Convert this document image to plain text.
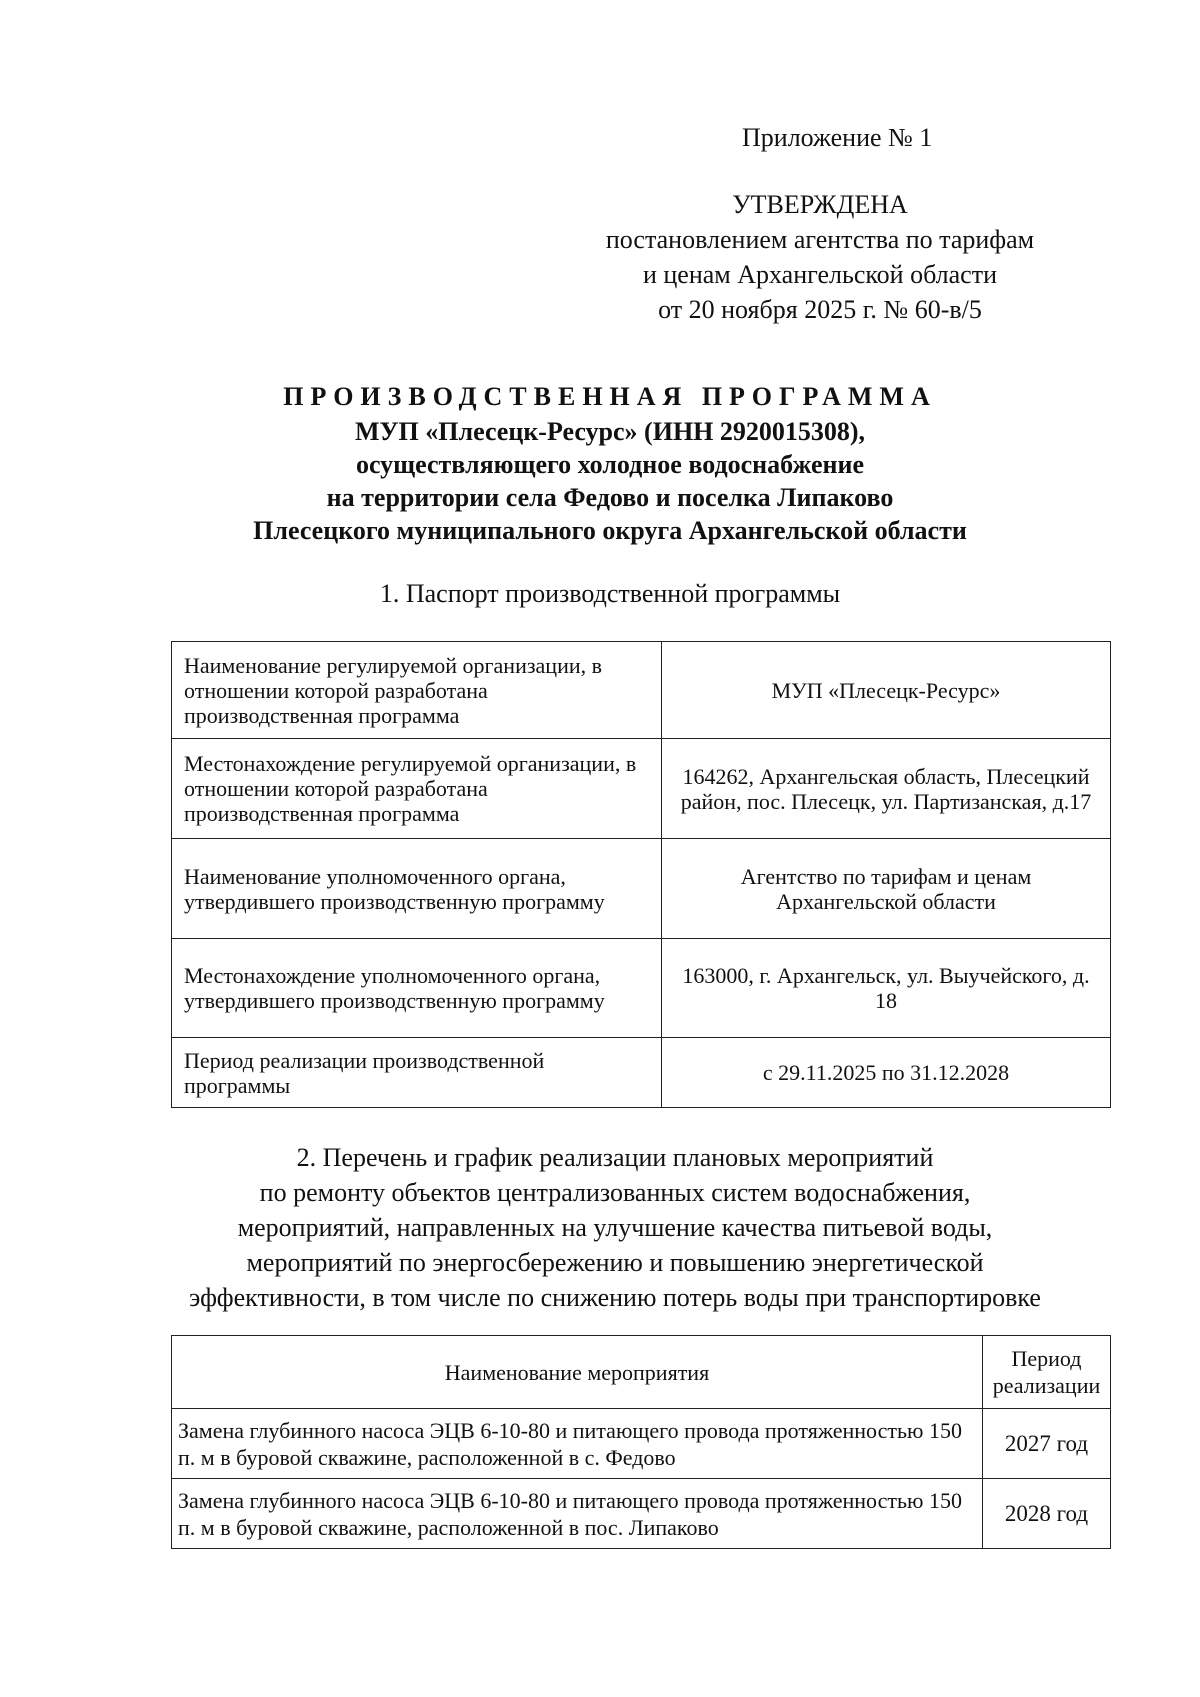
Приложение № 1
УТВЕРЖДЕНА
постановлением агентства по тарифам
и ценам Архангельской области
от 20 ноября 2025 г. № 60-в/5
ПРОИЗВОДСТВЕННАЯ ПРОГРАММА
МУП «Плесецк-Ресурс» (ИНН 2920015308),
осуществляющего холодное водоснабжение
на территории села Федово и поселка Липаково
Плесецкого муниципального округа Архангельской области
1. Паспорт производственной программы
Наименование регулируемой организации, в отношении которой разработана производственная программа	МУП «Плесецк-Ресурс»
Местонахождение регулируемой организации, в отношении которой разработана производственная программа	164262, Архангельская область, Плесецкий район, пос. Плесецк, ул. Партизанская, д.17
Наименование уполномоченного органа, утвердившего производственную программу	Агентство по тарифам и ценам Архангельской области
Местонахождение уполномоченного органа, утвердившего производственную программу	163000, г. Архангельск, ул. Выучейского, д. 18
Период реализации производственной программы	с 29.11.2025 по 31.12.2028
2. Перечень и график реализации плановых мероприятий
по ремонту объектов централизованных систем водоснабжения,
мероприятий, направленных на улучшение качества питьевой воды,
мероприятий по энергосбережению и повышению энергетической
эффективности, в том числе по снижению потерь воды при транспортировке
Наименование мероприятия	Период реализации
Замена глубинного насоса ЭЦВ 6-10-80 и питающего провода протяженностью 150 п. м в буровой скважине, расположенной в с. Федово	2027 год
Замена глубинного насоса ЭЦВ 6-10-80 и питающего провода протяженностью 150 п. м в буровой скважине, расположенной в пос. Липаково	2028 год
